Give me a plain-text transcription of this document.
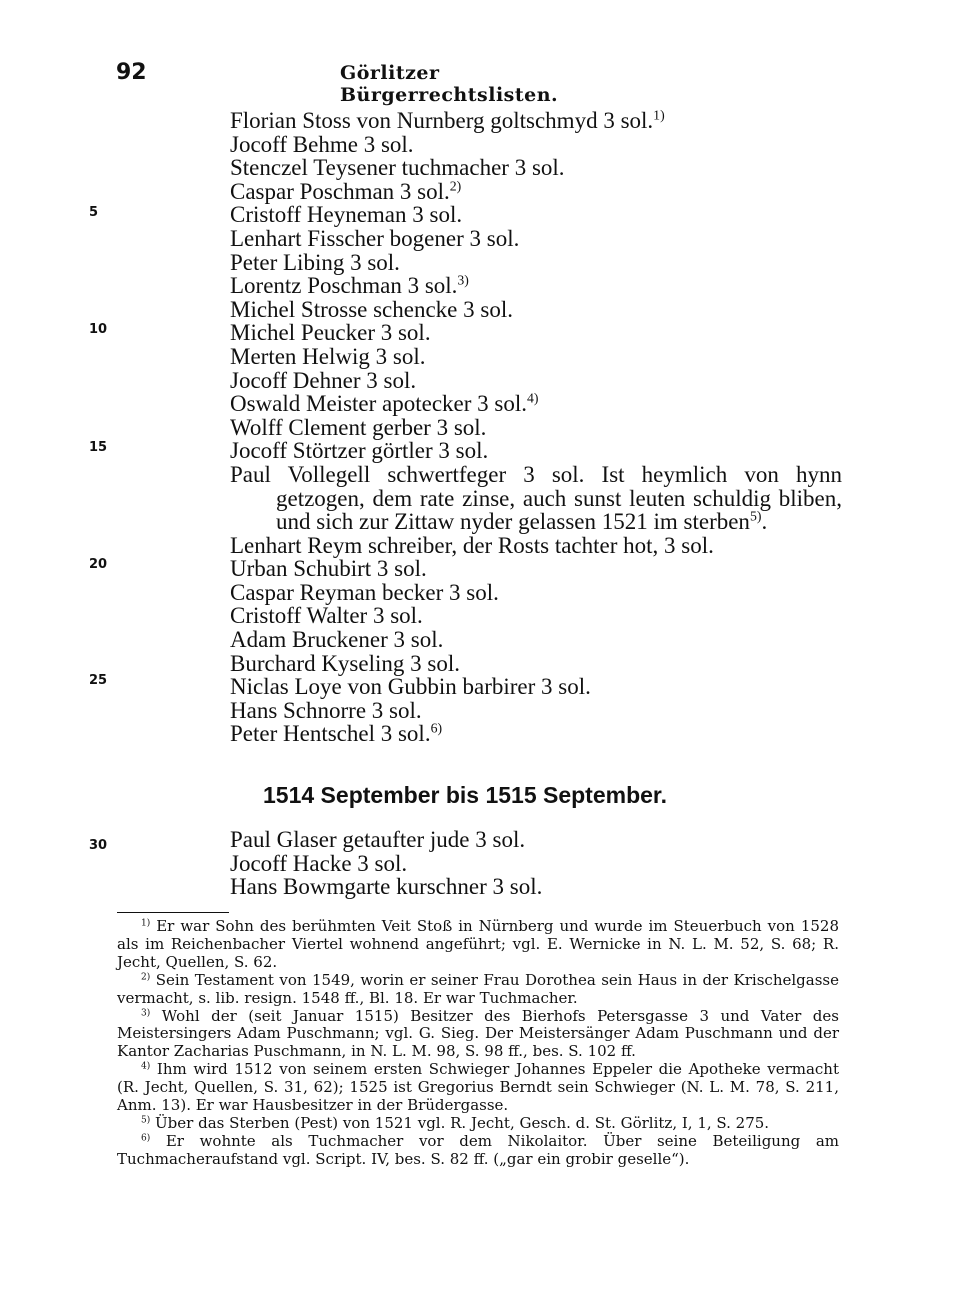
92	Görlitzer Bürgerrechtslisten.
5
10
15
20
25
30
Florian Stoss von Nurnberg goltschmyd 3 sol.$^{1)}$
Jocoff Behme 3 sol.
Stenczel Teysener tuchmacher 3 sol.
Caspar Poschman 3 sol.$^{2)}$
Cristoff Heyneman 3 sol.
Lenhart Fisscher bogener 3 sol.
Peter Libing 3 sol.
Lorentz Poschman 3 sol.$^{3)}$
Michel Strosse schencke 3 sol.
Michel Peucker 3 sol.
Merten Helwig 3 sol.
Jocoff Dehner 3 sol.
Oswald Meister apotecker 3 sol.$^{4)}$
Wolff Clement gerber 3 sol.
Jocoff Störtzer görtler 3 sol.
Paul Vollegell schwertfeger 3 sol. Ist heymlich von hynn getzogen, dem rate zinse, auch sunst leuten schuldig bliben, und sich zur Zittaw nyder gelassen 1521 im sterben$^{5)}$.
Lenhart Reym schreiber, der Rosts tachter hot, 3 sol.
Urban Schubirt 3 sol.
Caspar Reyman becker 3 sol.
Cristoff Walter 3 sol.
Adam Bruckener 3 sol.
Burchard Kyseling 3 sol.
Niclas Loye von Gubbin barbirer 3 sol.
Hans Schnorre 3 sol.
Peter Hentschel 3 sol.$^{6)}$
1514 September bis 1515 September.
Paul Glaser getaufter jude 3 sol.
Jocoff Hacke 3 sol.
Hans Bowmgarte kurschner 3 sol.

$^{1)}$ Er war Sohn des berühmten Veit Stoß in Nürnberg und wurde im Steuerbuch von 1528 als im Reichenbacher Viertel wohnend angeführt; vgl. E. Wernicke in N. L. M. 52, S. 68; R. Jecht, Quellen, S. 62.

$^{2)}$ Sein Testament von 1549, worin er seiner Frau Dorothea sein Haus in der Krischelgasse vermacht, s. lib. resign. 1548 ff., Bl. 18. Er war Tuchmacher.

$^{3)}$ Wohl der (seit Januar 1515) Besitzer des Bierhofs Petersgasse 3 und Vater des Meistersingers Adam Puschmann; vgl. G. Sieg. Der Meistersänger Adam Puschmann und der Kantor Zacharias Puschmann, in N. L. M. 98, S. 98 ff., bes. S. 102 ff.

$^{4)}$ Ihm wird 1512 von seinem ersten Schwieger Johannes Eppeler die Apotheke vermacht (R. Jecht, Quellen, S. 31, 62); 1525 ist Gregorius Berndt sein Schwieger (N. L. M. 78, S. 211, Anm. 13). Er war Hausbesitzer in der Brüdergasse.

$^{5)}$ Über das Sterben (Pest) von 1521 vgl. R. Jecht, Gesch. d. St. Görlitz, I, 1, S. 275.

$^{6)}$ Er wohnte als Tuchmacher vor dem Nikolaitor. Über seine Beteiligung am Tuchmacheraufstand vgl. Script. IV, bes. S. 82 ff. („gar ein grobir geselle“).
